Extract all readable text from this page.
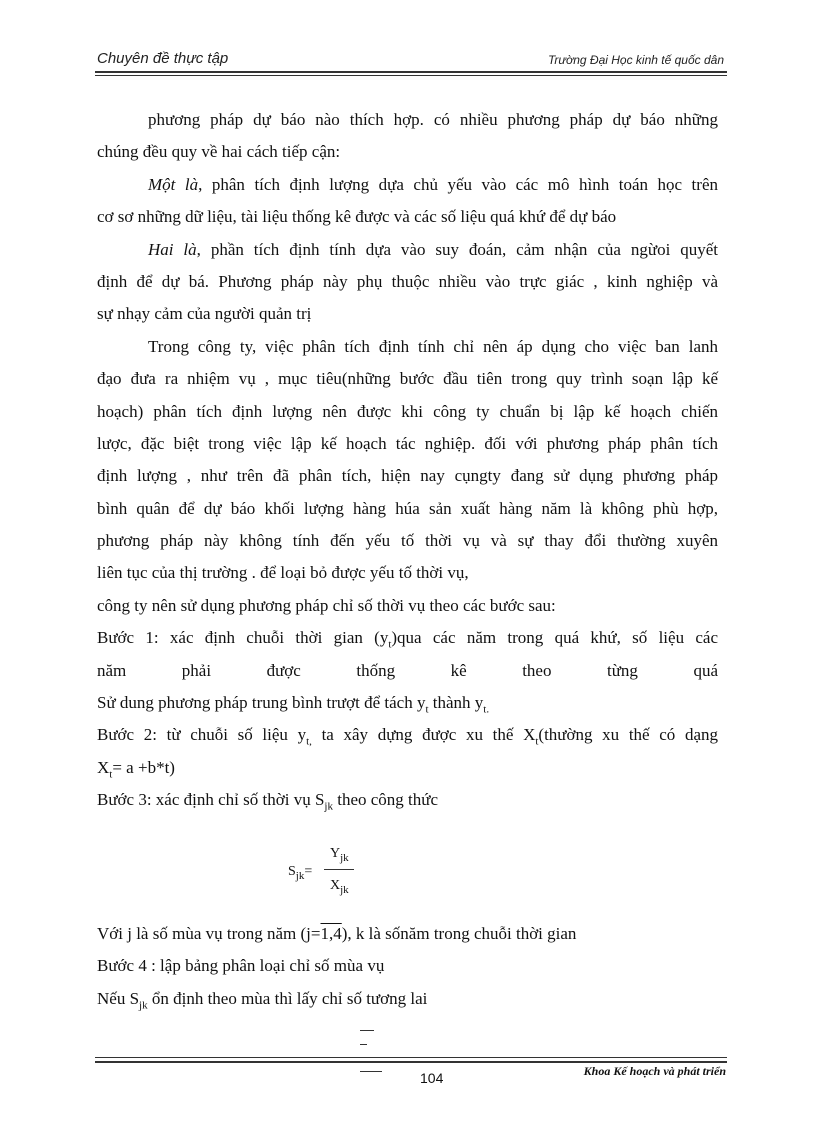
Chuyên đề thực tập	Trường Đại Học kinh tế quốc dân
phương pháp dự báo nào thích hợp. có nhiều phương pháp dự báo những
chúng đều quy về hai cách tiếp cận:
Một là, phân tích định lượng dựa chủ yếu vào các mô hình toán học trên
cơ sơ những dữ liệu, tài liệu thống kê được và các số liệu quá khứ để dự báo
Hai là, phần tích định tính dựa vào suy đoán, cảm nhận của ngừoi quyết
định để dự bá. Phương pháp này phụ thuộc nhiều vào trực giác , kinh nghiệp và
sự nhạy cảm của người quản trị
Trong công ty, việc phân tích định tính chỉ nên áp dụng cho việc ban lanh
đạo đưa ra nhiệm vụ , mục tiêu(những bước đầu tiên trong quy trình soạn lập kế
hoạch) phân tích định lượng nên được khi công ty chuẩn bị lập kế hoạch chiến
lược, đặc biệt trong việc lập kế hoạch tác nghiệp. đối với phương pháp phân tích
định lượng , như trên đã phân tích, hiện nay cụngty đang sử dụng phương pháp
bình quân để dự báo khối lượng hàng húa sản xuất hàng năm là không phù hợp,
phương pháp này không tính đến yếu tố thời vụ và sự thay đổi thường xuyên
liên tục của thị trường . để loại bỏ được yếu tố thời vụ,
công ty nên sử dụng phương pháp chỉ số thời vụ theo các bước sau:
Bước 1: xác định chuỗi thời gian $(y_t)qua$ các năm trong quá khứ, số liệu các
năm phải được thống kê theo từng quá
Sử dung phương pháp trung bình trượt để tách $y_t$ thành $y_{t.}$
Bước 2: từ chuỗi số liệu $y_{t,}$ ta xây dựng được xu thế $X_t(thường$ xu thế có dạng
$X_t= a +b*t$)
Bước 3: xác định chỉ số thời vụ $S_{jk}$ theo công thức
$S_{jk}=$
$Y_{jk}$
$X_{jk}$
Với j là số mùa vụ trong năm (j=1,4), k là sốnăm trong chuỗi thời gian
Bước 4 : lập bảng phân loại chỉ số mùa vụ
Nếu $S_{jk}$ ổn định theo mùa thì lấy chỉ số tương lai
104	Khoa Kế hoạch và phát triển
